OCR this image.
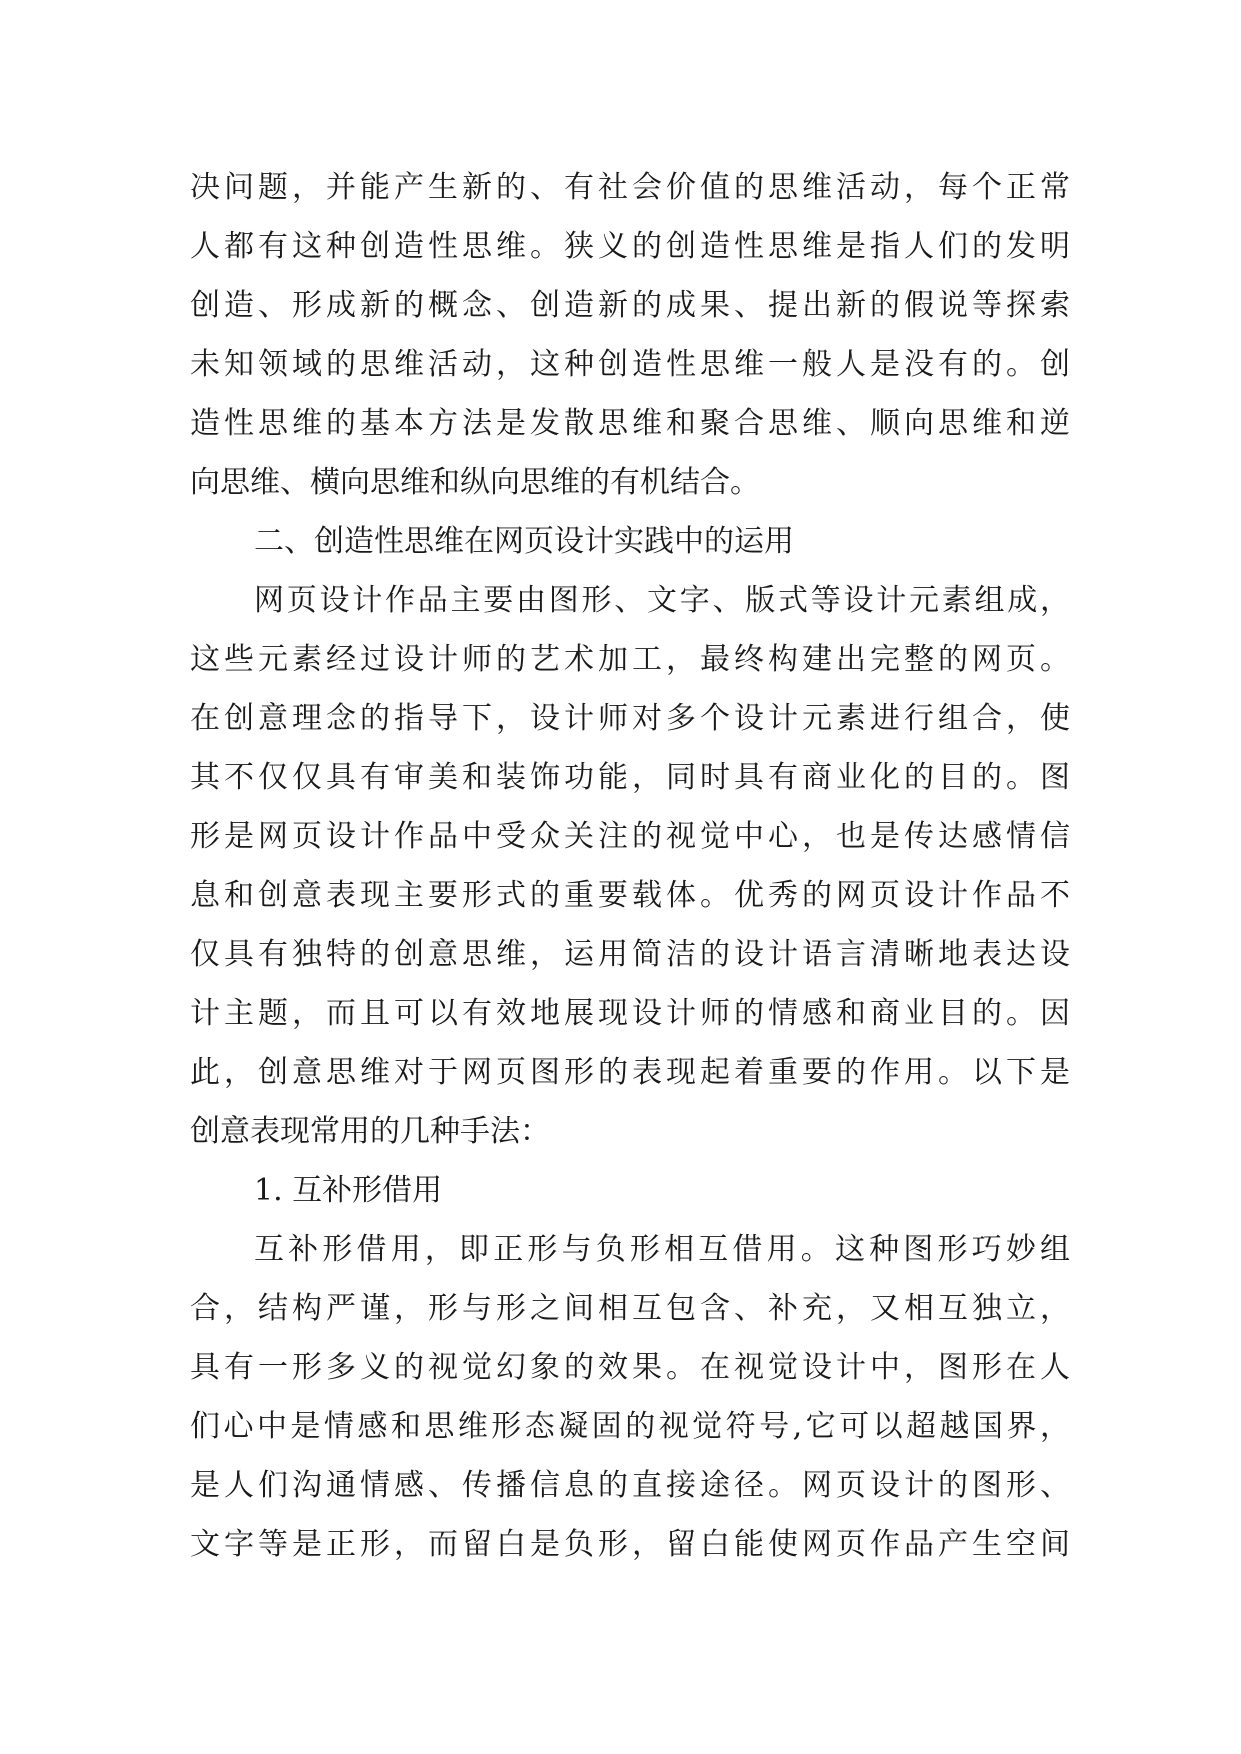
决问题，并能产生新的、有社会价值的思维活动，每个正常
人都有这种创造性思维。狭义的创造性思维是指人们的发明
创造、形成新的概念、创造新的成果、提出新的假说等探索
未知领域的思维活动，这种创造性思维一般人是没有的。创
造性思维的基本方法是发散思维和聚合思维、顺向思维和逆
向思维、横向思维和纵向思维的有机结合。
二、创造性思维在网页设计实践中的运用
网页设计作品主要由图形、文字、版式等设计元素组成，
这些元素经过设计师的艺术加工，最终构建出完整的网页。
在创意理念的指导下，设计师对多个设计元素进行组合，使
其不仅仅具有审美和装饰功能，同时具有商业化的目的。图
形是网页设计作品中受众关注的视觉中心，也是传达感情信
息和创意表现主要形式的重要载体。优秀的网页设计作品不
仅具有独特的创意思维，运用简洁的设计语言清晰地表达设
计主题，而且可以有效地展现设计师的情感和商业目的。因
此，创意思维对于网页图形的表现起着重要的作用。以下是
创意表现常用的几种手法：
1. 互补形借用
互补形借用，即正形与负形相互借用。这种图形巧妙组
合，结构严谨，形与形之间相互包含、补充，又相互独立，
具有一形多义的视觉幻象的效果。在视觉设计中，图形在人
们心中是情感和思维形态凝固的视觉符号,它可以超越国界，
是人们沟通情感、传播信息的直接途径。网页设计的图形、
文字等是正形，而留白是负形，留白能使网页作品产生空间
